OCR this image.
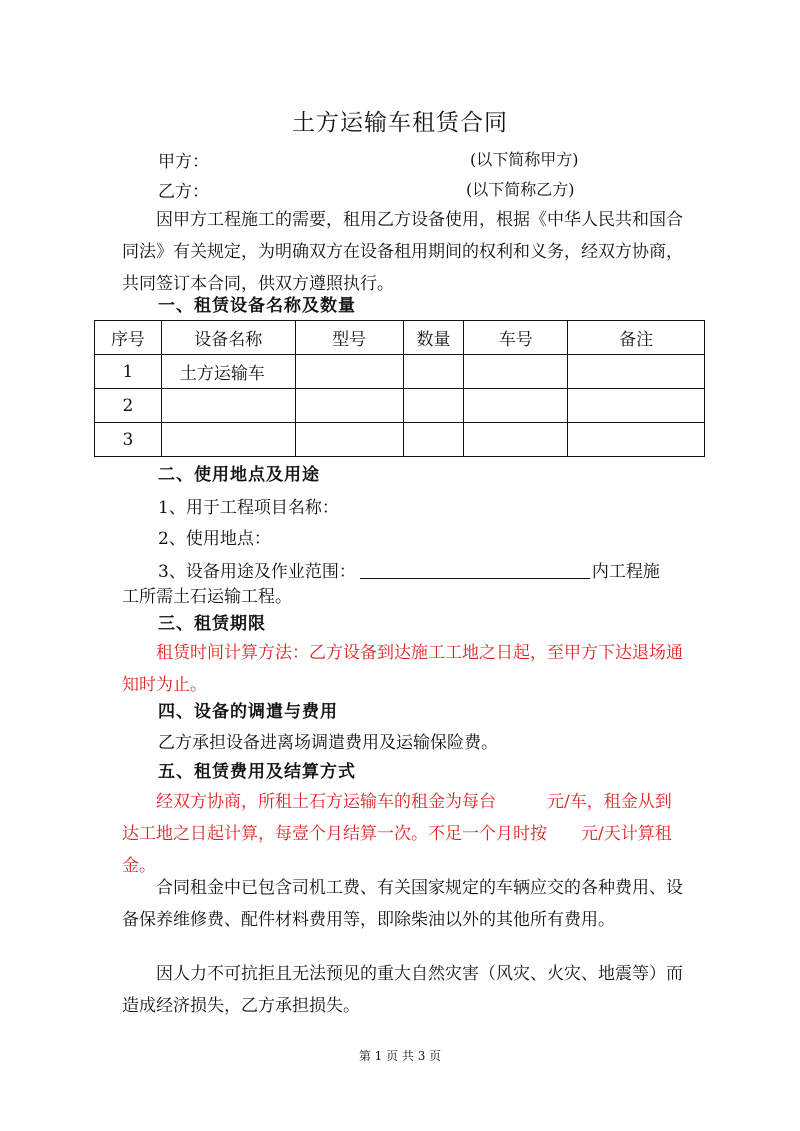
土方运输车租赁合同
甲方：	(以下简称甲方)
乙方：	(以下简称乙方)
因甲方工程施工的需要，租用乙方设备使用，根据《中华人民共和国合同法》有关规定，为明确双方在设备租用期间的权利和义务，经双方协商，共同签订本合同，供双方遵照执行。
一、租赁设备名称及数量
序号	设备名称	型号	数量	车号	备注
1	土方运输车				
2					
3					
二、使用地点及用途
1、用于工程项目名称：
2、使用地点：
3、设备用途及作业范围：	内工程施
工所需土石运输工程。
三、租赁期限
租赁时间计算方法：乙方设备到达施工工地之日起，至甲方下达退场通知时为止。
四、设备的调遣与费用
乙方承担设备进离场调遣费用及运输保险费。
五、租赁费用及结算方式
经双方协商，所租土石方运输车的租金为每台　　　元/车，租金从到达工地之日起计算，每壹个月结算一次。不足一个月时按　　元/天计算租金。
合同租金中已包含司机工费、有关国家规定的车辆应交的各种费用、设备保养维修费、配件材料费用等，即除柴油以外的其他所有费用。
因人力不可抗拒且无法预见的重大自然灾害（风灾、火灾、地震等）而造成经济损失，乙方承担损失。
第 1 页 共 3 页
